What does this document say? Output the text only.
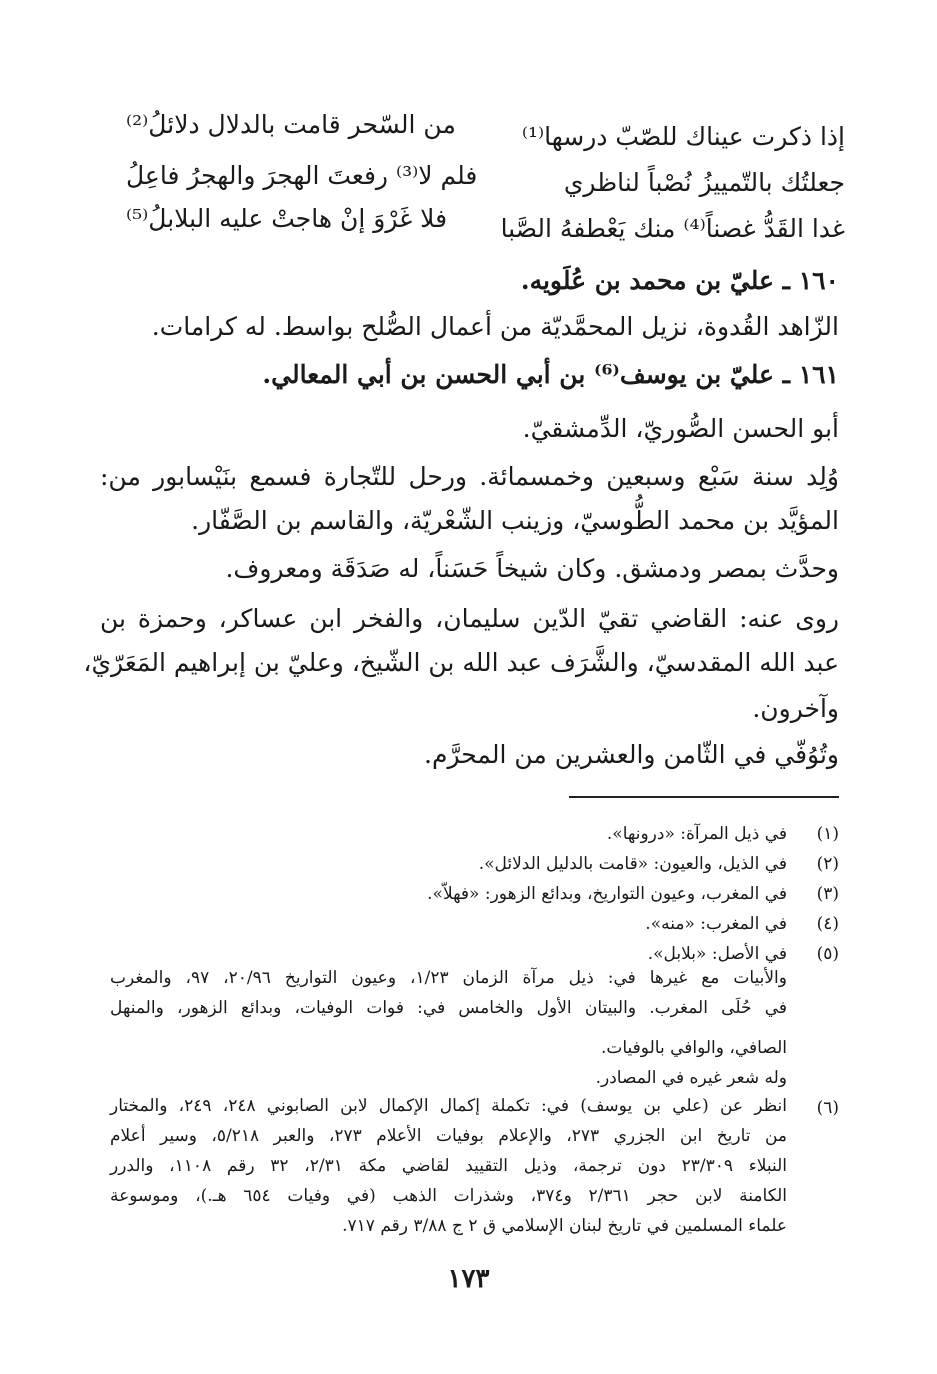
إذا ذكرت عيناك للصّبّ درسها⁽¹⁾
من السّحر قامت بالدلال دلائلُ⁽²⁾
جعلتُك بالتّمييزُ نُصْباً لناظري
فلم لا⁽³⁾ رفعتَ الهجرَ والهجرُ فاعِلُ
غدا القَدُّ غصناً⁽⁴⁾ منك يَعْطفهُ الصَّبا
فلا غَرْوَ إنْ هاجتْ عليه البلابلُ⁽⁵⁾
١٦٠ ـ عليّ بن محمد بن عُلَويه.
الزّاهد القُدوة، نزيل المحمَّديّة من أعمال الصُّلح بواسط. له كرامات.
١٦١ ـ عليّ بن يوسف⁽⁶⁾ بن أبي الحسن بن أبي المعالي.
أبو الحسن الصُّوريّ، الدِّمشقيّ.
وُلِد سنة سَبْع وسبعين وخمسمائة. ورحل للتّجارة فسمع بنَيْسابور من:
المؤيَّد بن محمد الطُّوسيّ، وزينب الشّعْريّة، والقاسم بن الصَّفّار.
وحدَّث بمصر ودمشق. وكان شيخاً حَسَناً، له صَدَقَة ومعروف.
روى عنه: القاضي تقيّ الدّين سليمان، والفخر ابن عساكر، وحمزة بن
عبد الله المقدسيّ، والشَّرَف عبد الله بن الشّيخ، وعليّ بن إبراهيم المَعَرّيّ،
وآخرون.
وتُوُفّي في الثّامن والعشرين من المحرَّم.
(١)
في ذيل المرآة: «درونها».
(٢)
في الذيل، والعيون: «قامت بالدليل الدلائل».
(٣)
في المغرب، وعيون التواريخ، وبدائع الزهور: «فهلاّ».
(٤)
في المغرب: «منه».
(٥)
في الأصل: «بلابل».
والأبيات مع غيرها في: ذيل مرآة الزمان ١/٢٣، وعيون التواريخ ٢٠/٩٦، ٩٧، والمغرب
في حُلَى المغرب. والبيتان الأول والخامس في: فوات الوفيات، وبدائع الزهور، والمنهل
الصافي، والوافي بالوفيات.
وله شعر غيره في المصادر.
(٦)
انظر عن (علي بن يوسف) في: تكملة إكمال الإكمال لابن الصابوني ٢٤٨، ٢٤٩، والمختار
من تاريخ ابن الجزري ٢٧٣، والإعلام بوفيات الأعلام ٢٧٣، والعبر ٥/٢١٨، وسير أعلام
النبلاء ٢٣/٣٠٩ دون ترجمة، وذيل التقييد لقاضي مكة ٢/٣١، ٣٢ رقم ١١٠٨، والدرر
الكامنة لابن حجر ٢/٣٦١ و٣٧٤، وشذرات الذهب (في وفيات ٦٥٤ هـ.)، وموسوعة
علماء المسلمين في تاريخ لبنان الإسلامي ق ٢ ج ٣/٨٨ رقم ٧١٧.
١٧٣
